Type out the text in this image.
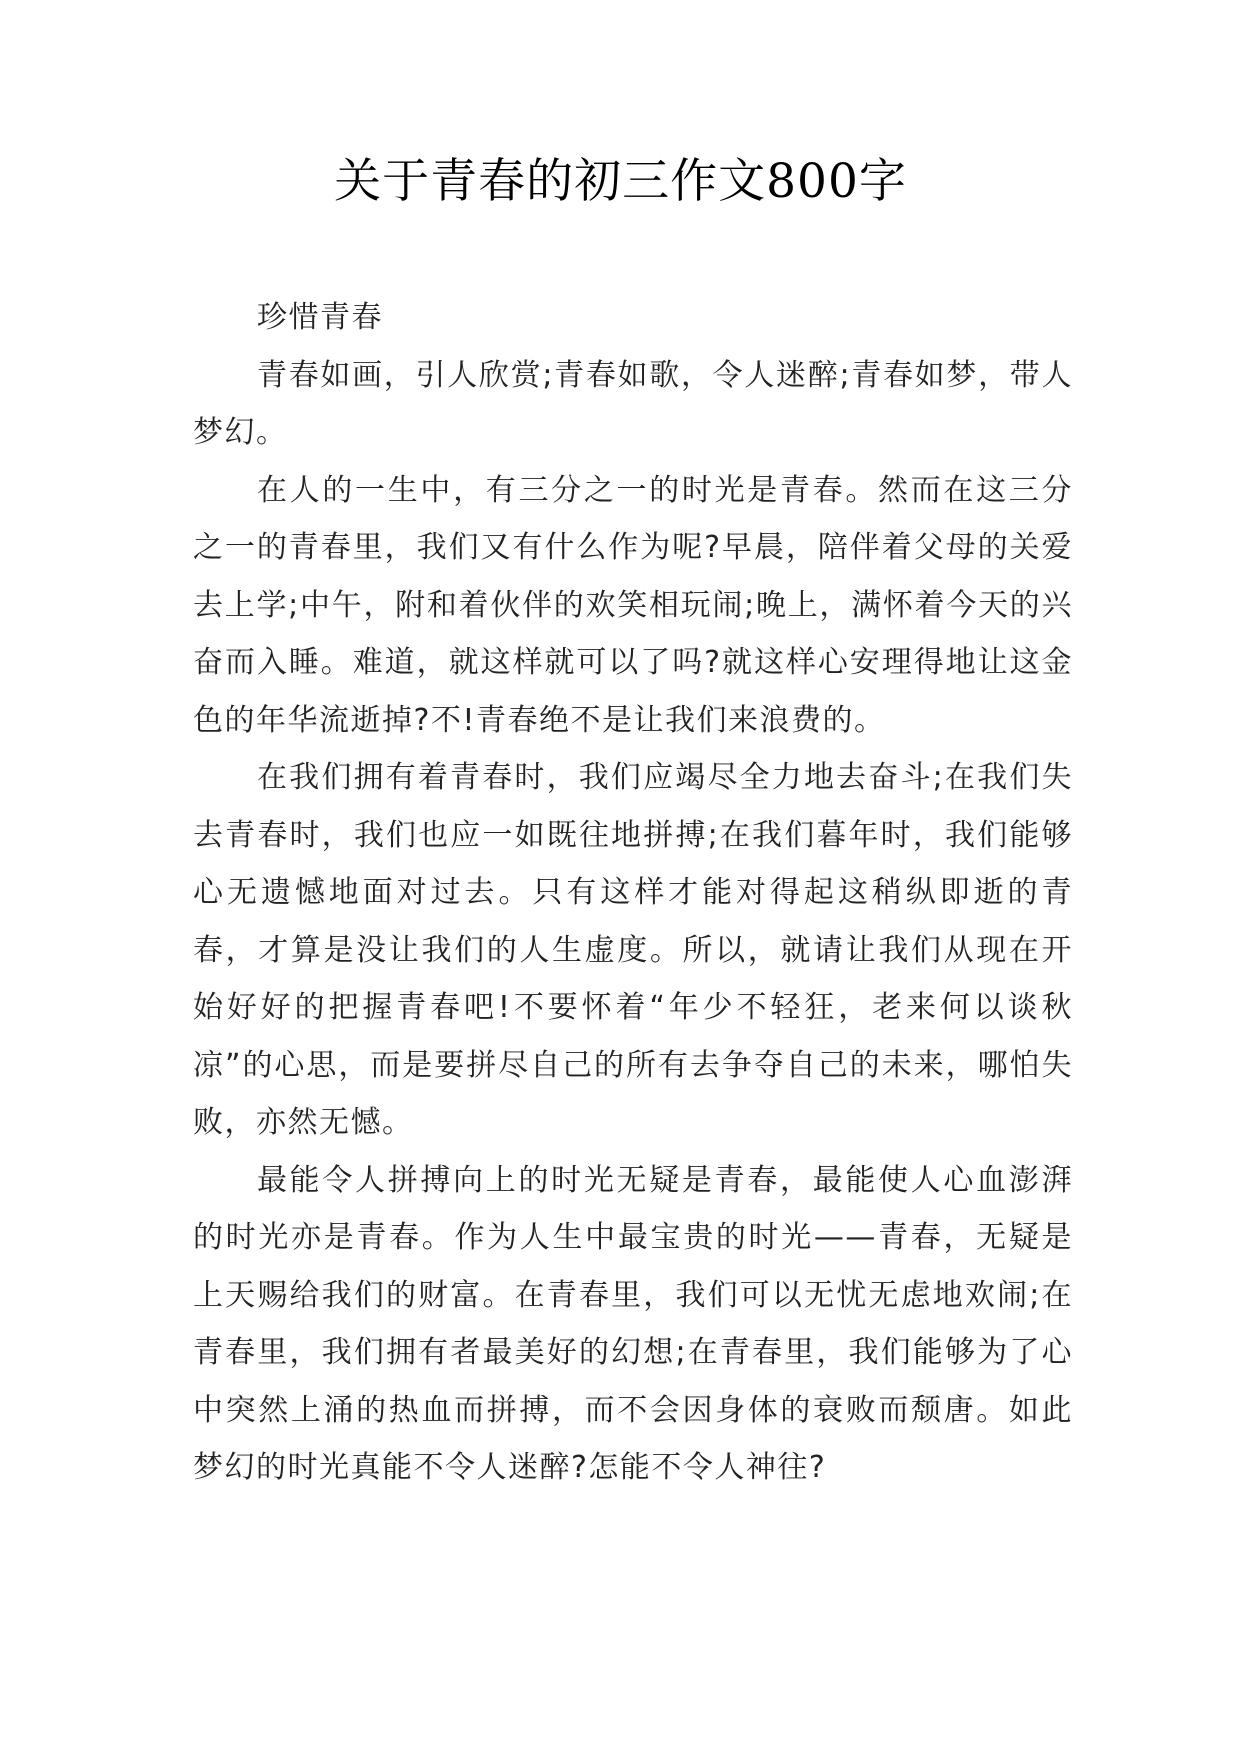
关于青春的初三作文800字

珍惜青春

青春如画，引人欣赏;青春如歌，令人迷醉;青春如梦，带人梦幻。

在人的一生中，有三分之一的时光是青春。然而在这三分之一的青春里，我们又有什么作为呢?早晨，陪伴着父母的关爱去上学;中午，附和着伙伴的欢笑相玩闹;晚上，满怀着今天的兴奋而入睡。难道，就这样就可以了吗?就这样心安理得地让这金色的年华流逝掉?不!青春绝不是让我们来浪费的。

在我们拥有着青春时，我们应竭尽全力地去奋斗;在我们失去青春时，我们也应一如既往地拼搏;在我们暮年时，我们能够心无遗憾地面对过去。只有这样才能对得起这稍纵即逝的青春，才算是没让我们的人生虚度。所以，就请让我们从现在开始好好的把握青春吧!不要怀着“年少不轻狂，老来何以谈秋凉”的心思，而是要拼尽自己的所有去争夺自己的未来，哪怕失败，亦然无憾。

最能令人拼搏向上的时光无疑是青春，最能使人心血澎湃的时光亦是青春。作为人生中最宝贵的时光——青春，无疑是上天赐给我们的财富。在青春里，我们可以无忧无虑地欢闹;在青春里，我们拥有者最美好的幻想;在青春里，我们能够为了心中突然上涌的热血而拼搏，而不会因身体的衰败而颓唐。如此梦幻的时光真能不令人迷醉?怎能不令人神往?
